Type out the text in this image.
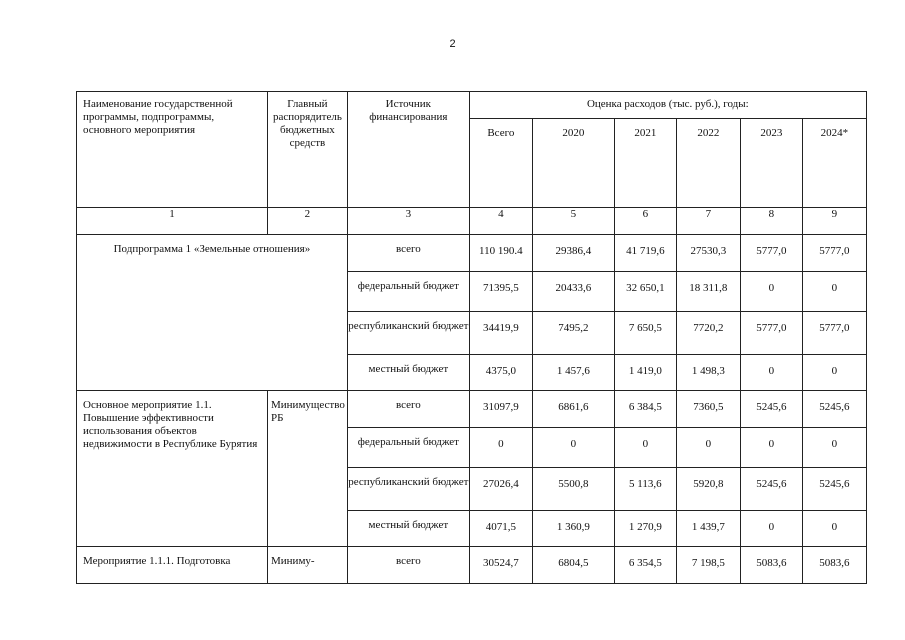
2
Наименование государственной программы, подпрограммы, основного мероприятия	Главный распорядитель бюджетных средств	Источник финансирования	Оценка расходов (тыс. руб.), годы:					
			Всего	2020	2021	2022	2023	2024*
1	2	3	4	5	6	7	8	9
Подпрограмма 1 «Земельные отношения»		всего	110 190.4	29386,4	41 719,6	27530,3	5777,0	5777,0
		федеральный бюджет	71395,5	20433,6	32 650,1	18 311,8	0	0
		республиканский бюджет	34419,9	7495,2	7 650,5	7720,2	5777,0	5777,0
		местный бюджет	4375,0	1 457,6	1 419,0	1 498,3	0	0
Основное мероприятие 1.1. Повышение эффективности использования объектов недвижимости в Республике Бурятия	Минимущество РБ	всего	31097,9	6861,6	6 384,5	7360,5	5245,6	5245,6
		федеральный бюджет	0	0	0	0	0	0
		республиканский бюджет	27026,4	5500,8	5 113,6	5920,8	5245,6	5245,6
		местный бюджет	4071,5	1 360,9	1 270,9	1 439,7	0	0
Мероприятие 1.1.1. Подготовка	Миниму-	всего	30524,7	6804,5	6 354,5	7 198,5	5083,6	5083,6
